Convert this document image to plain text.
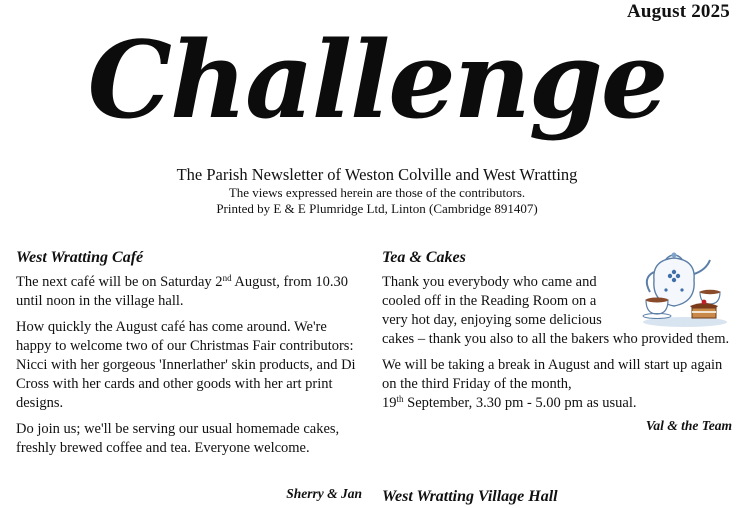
August 2025
Challenge
The Parish Newsletter of Weston Colville and West Wratting
The views expressed herein are those of the contributors.
Printed by E & E Plumridge Ltd, Linton (Cambridge 891407)
West Wratting Café

The next café will be on Saturday 2nd August, from 10.30 until noon in the village hall.

How quickly the August café has come around. We're happy to welcome two of our Christmas Fair contributors: Nicci with her gorgeous 'Innerlather' skin products, and Di Cross with her cards and other goods with her art print designs.

Do join us; we'll be serving our usual homemade cakes, freshly brewed coffee and tea. Everyone welcome.

Sherry & Jan
Tea & Cakes

Thank you everybody who came and cooled off in the Reading Room on a very hot day, enjoying some delicious

cakes – thank you also to all the bakers who provided them.

We will be taking a break in August and will start up again on the third Friday of the month,
19th September, 3.30 pm - 5.00 pm as usual.

Val & the Team
West Wratting Village Hall
